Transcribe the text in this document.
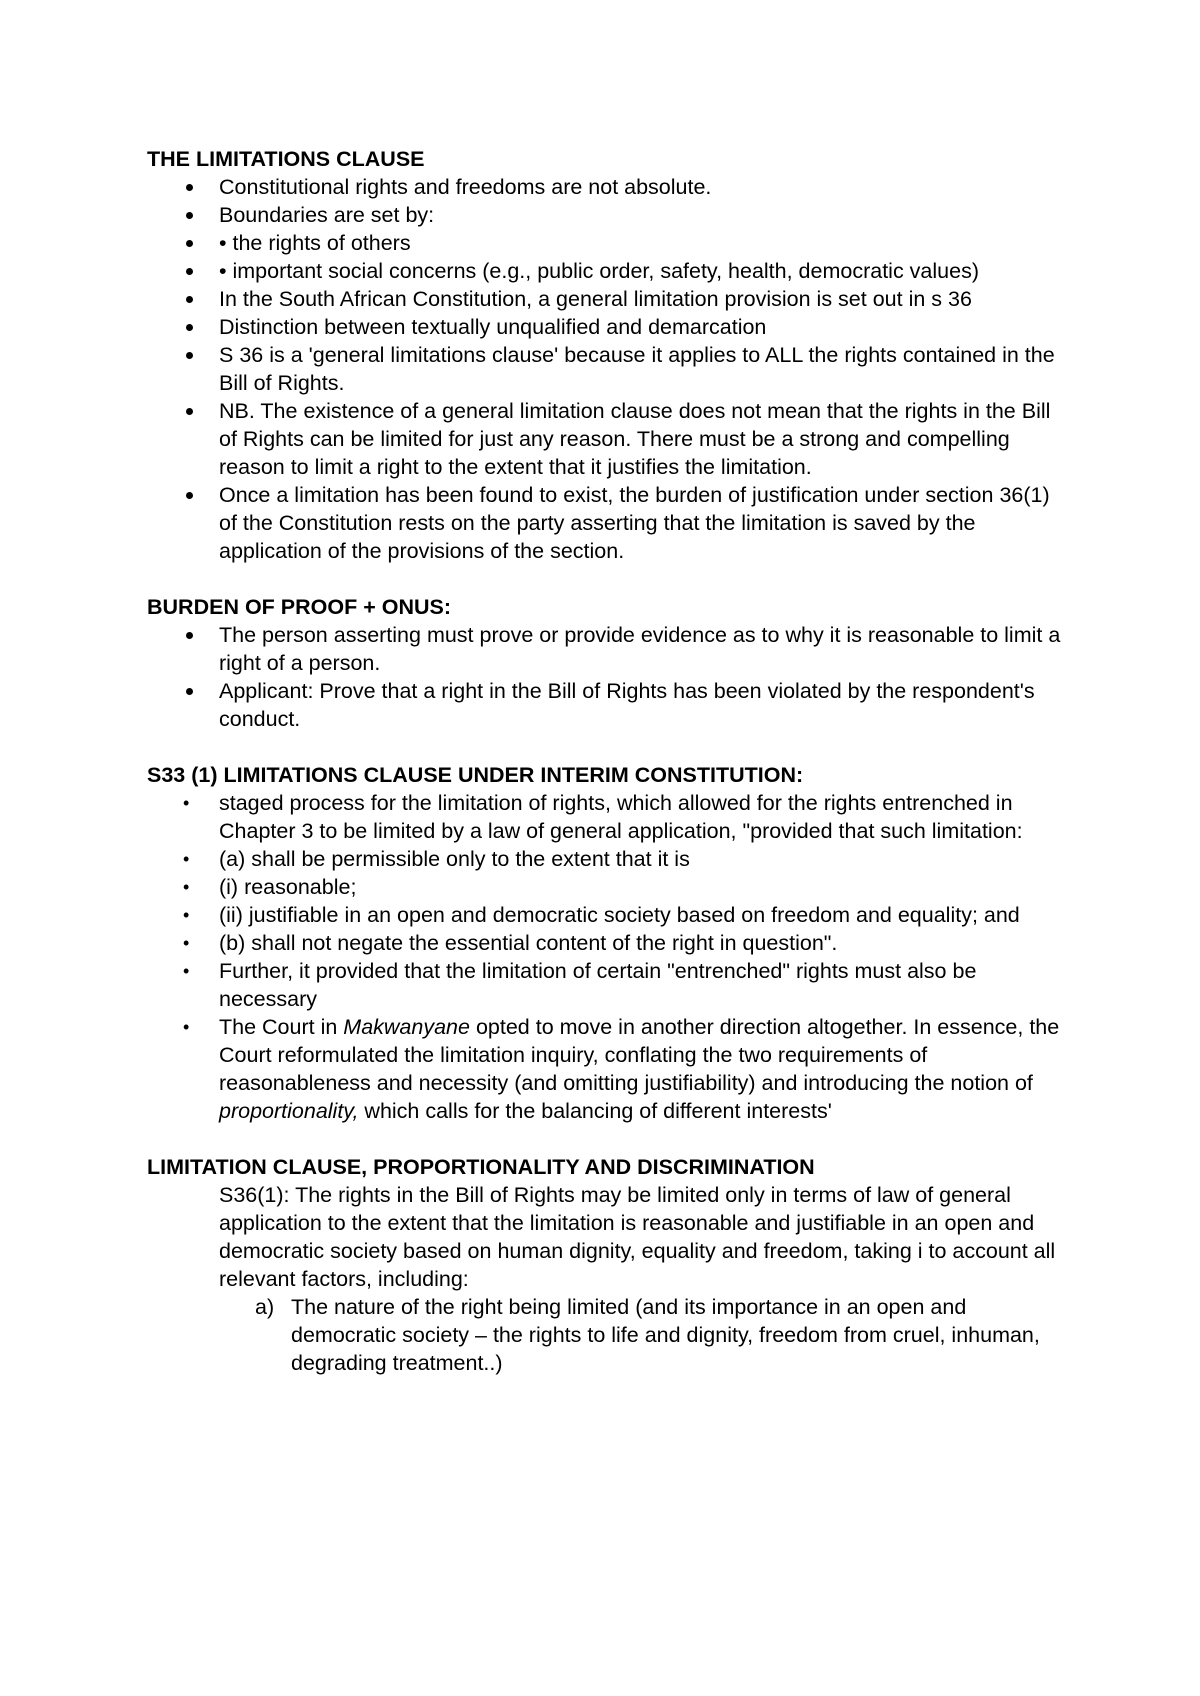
THE LIMITATIONS CLAUSE

Constitutional rights and freedoms are not absolute.
Boundaries are set by:
• the rights of others
• important social concerns (e.g., public order, safety, health, democratic values)
In the South African Constitution, a general limitation provision is set out in s 36
Distinction between textually unqualified and demarcation
S 36 is a 'general limitations clause' because it applies to ALL the rights contained in the Bill of Rights.
NB. The existence of a general limitation clause does not mean that the rights in the Bill of Rights can be limited for just any reason. There must be a strong and compelling reason to limit a right to the extent that it justifies the limitation.
Once a limitation has been found to exist, the burden of justification under section 36(1) of the Constitution rests on the party asserting that the limitation is saved by the application of the provisions of the section.

BURDEN OF PROOF + ONUS:

The person asserting must prove or provide evidence as to why it is reasonable to limit a right of a person.
Applicant: Prove that a right in the Bill of Rights has been violated by the respondent's conduct.

S33 (1) LIMITATIONS CLAUSE UNDER INTERIM CONSTITUTION:

• staged process for the limitation of rights, which allowed for the rights entrenched in Chapter 3 to be limited by a law of general application, "provided that such limitation:
• (a) shall be permissible only to the extent that it is
• (i) reasonable;
• (ii) justifiable in an open and democratic society based on freedom and equality; and
• (b) shall not negate the essential content of the right in question".
• Further, it provided that the limitation of certain "entrenched" rights must also be necessary
• The Court in Makwanyane opted to move in another direction altogether. In essence, the Court reformulated the limitation inquiry, conflating the two requirements of reasonableness and necessity (and omitting justifiability) and introducing the notion of proportionality, which calls for the balancing of different interests'

LIMITATION CLAUSE, PROPORTIONALITY AND DISCRIMINATION

S36(1): The rights in the Bill of Rights may be limited only in terms of law of general application to the extent that the limitation is reasonable and justifiable in an open and democratic society based on human dignity, equality and freedom, taking i to account all relevant factors, including:
a) The nature of the right being limited (and its importance in an open and democratic society – the rights to life and dignity, freedom from cruel, inhuman, degrading treatment..)
